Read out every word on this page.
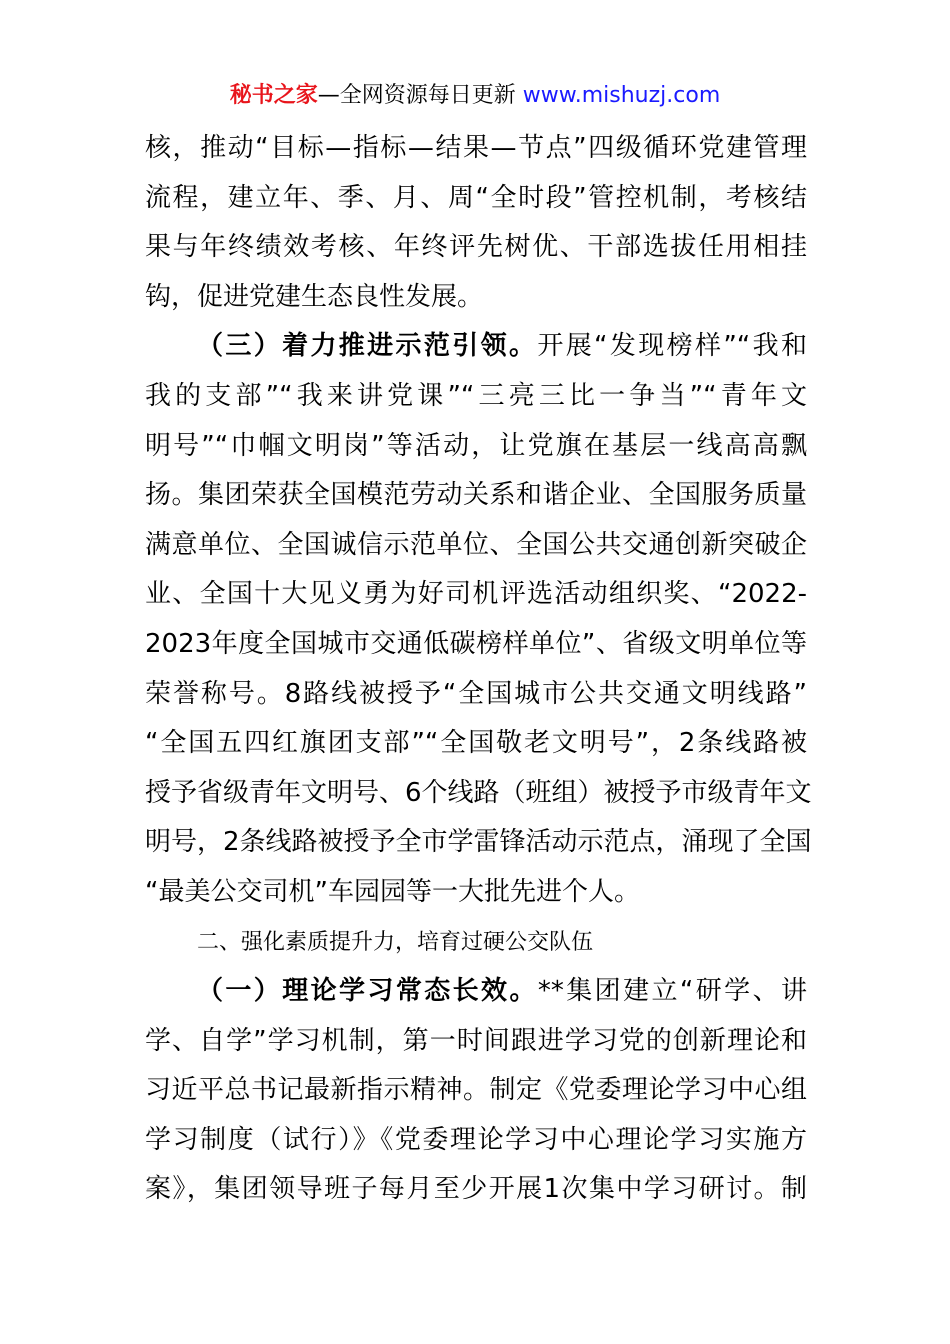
秘书之家—全网资源每日更新 www.mishuzj.com
核，推动“目标—指标—结果—节点”四级循环党建管理
流程，建立年、季、月、周“全时段”管控机制，考核结
果与年终绩效考核、年终评先树优、干部选拔任用相挂
钩，促进党建生态良性发展。
（三）着力推进示范引领。开展“发现榜样”“我和
我的支部”“我来讲党课”“三亮三比一争当”“青年文
明号”“巾帼文明岗”等活动，让党旗在基层一线高高飘
扬。集团荣获全国模范劳动关系和谐企业、全国服务质量
满意单位、全国诚信示范单位、全国公共交通创新突破企
业、全国十大见义勇为好司机评选活动组织奖、“2022-
2023年度全国城市交通低碳榜样单位”、省级文明单位等
荣誉称号。8路线被授予“全国城市公共交通文明线路”
“全国五四红旗团支部”“全国敬老文明号”，2条线路被
授予省级青年文明号、6个线路（班组）被授予市级青年文
明号，2条线路被授予全市学雷锋活动示范点，涌现了全国
“最美公交司机”车园园等一大批先进个人。
二、强化素质提升力，培育过硬公交队伍
（一）理论学习常态长效。**集团建立“研学、讲
学、自学”学习机制，第一时间跟进学习党的创新理论和
习近平总书记最新指示精神。制定《党委理论学习中心组
学习制度（试行）》《党委理论学习中心理论学习实施方
案》，集团领导班子每月至少开展1次集中学习研讨。制
